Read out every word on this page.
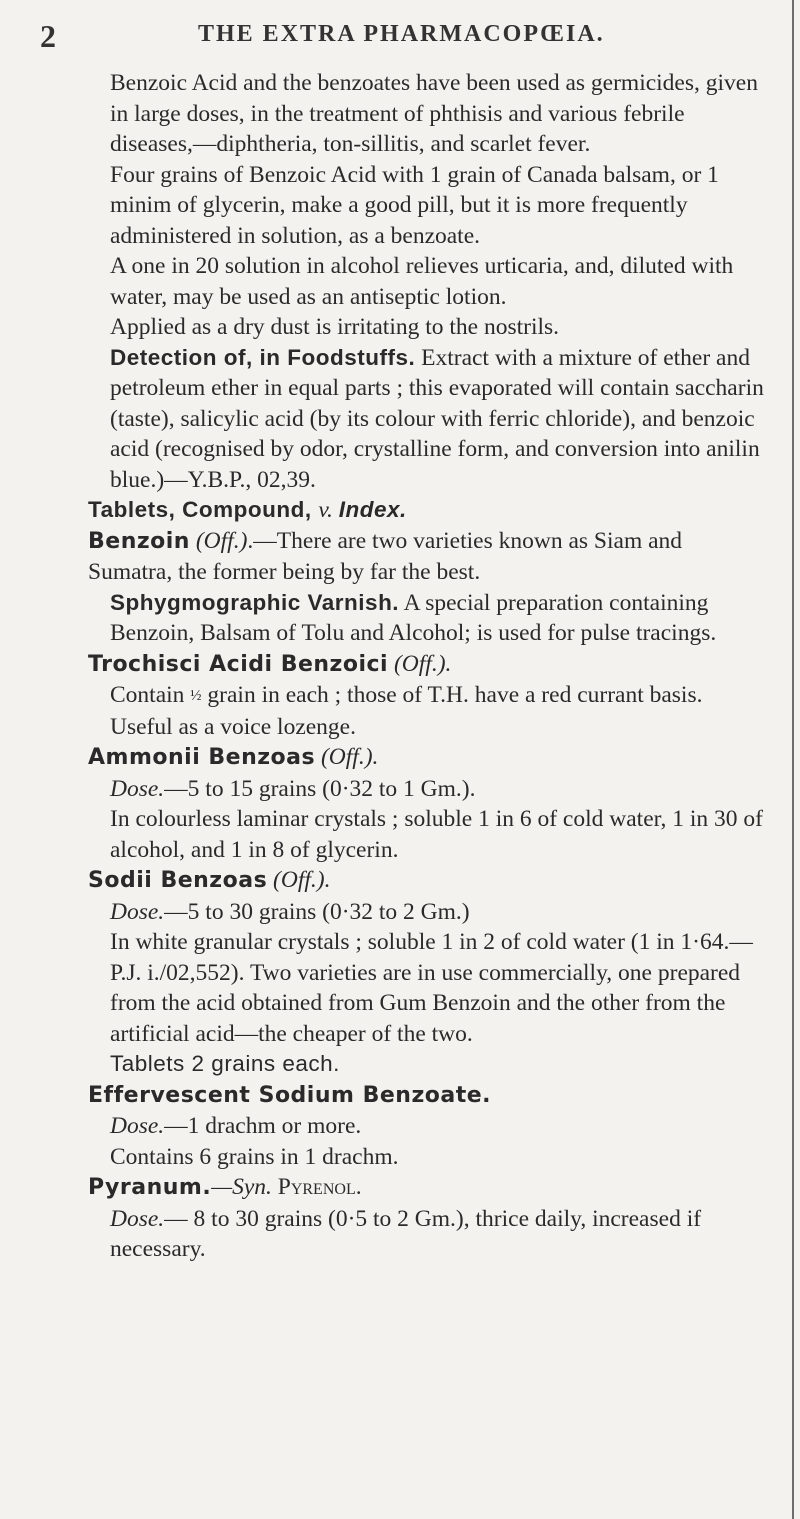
2	THE EXTRA PHARMACOPŒIA.

Benzoic Acid and the benzoates have been used as germicides, given in large doses, in the treatment of phthisis and various febrile diseases,—diphtheria, ton-sillitis, and scarlet fever.

Four grains of Benzoic Acid with 1 grain of Canada balsam, or 1 minim of glycerin, make a good pill, but it is more frequently administered in solution, as a benzoate.

A one in 20 solution in alcohol relieves urticaria, and, diluted with water, may be used as an antiseptic lotion.

Applied as a dry dust is irritating to the nostrils.

Detection of, in Foodstuffs. Extract with a mixture of ether and petroleum ether in equal parts ; this evaporated will contain saccharin (taste), salicylic acid (by its colour with ferric chloride), and benzoic acid (recognised by odor, crystalline form, and conversion into anilin blue.)—Y.B.P., 02,39.

Tablets, Compound, v. Index.

Benzoin (Off.).—There are two varieties known as Siam and Sumatra, the former being by far the best.

Sphygmographic Varnish. A special preparation containing Benzoin, Balsam of Tolu and Alcohol; is used for pulse tracings.

Trochisci Acidi Benzoici (Off.).

Contain ½ grain in each ; those of T.H. have a red currant basis. Useful as a voice lozenge.

Ammonii Benzoas (Off.).

Dose.—5 to 15 grains (0·32 to 1 Gm.).

In colourless laminar crystals ; soluble 1 in 6 of cold water, 1 in 30 of alcohol, and 1 in 8 of glycerin.

Sodii Benzoas (Off.).

Dose.—5 to 30 grains (0·32 to 2 Gm.)

In white granular crystals ; soluble 1 in 2 of cold water (1 in 1·64.—P.J. i./02,552). Two varieties are in use commercially, one prepared from the acid obtained from Gum Benzoin and the other from the artificial acid—the cheaper of the two.

Tablets 2 grains each.

Effervescent Sodium Benzoate.

Dose.—1 drachm or more.

Contains 6 grains in 1 drachm.

Pyranum.—Syn. Pyrenol.

Dose.— 8 to 30 grains (0·5 to 2 Gm.), thrice daily, increased if necessary.
